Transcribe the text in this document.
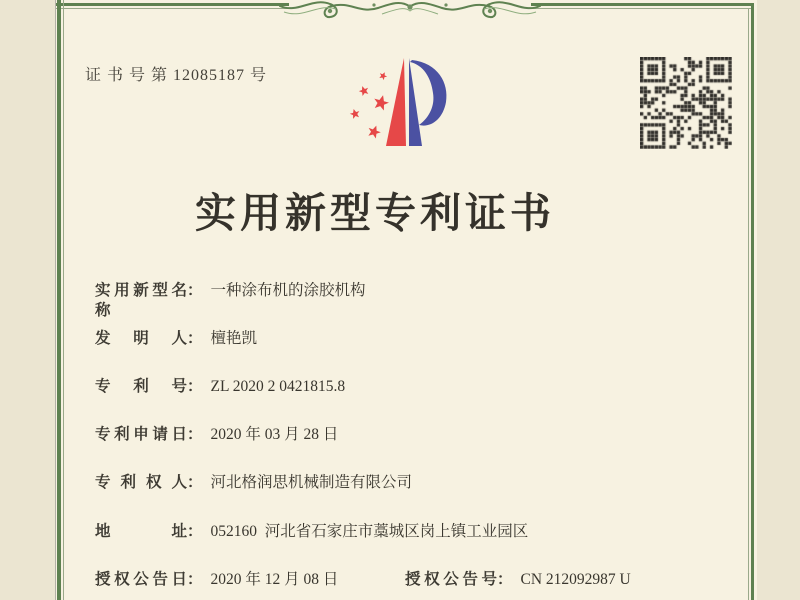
证 书 号 第 12085187 号
实用新型专利证书
实用新型名称： 一种涂布机的涂胶机构
发明人： 檀艳凯
专利号： ZL 2020 2 0421815.8
专利申请日： 2020 年 03 月 28 日
专利权人： 河北格润思机械制造有限公司
地址： 052160  河北省石家庄市藁城区岗上镇工业园区
授权公告日： 2020 年 12 月 08 日	授权公告号： CN 212092987 U
